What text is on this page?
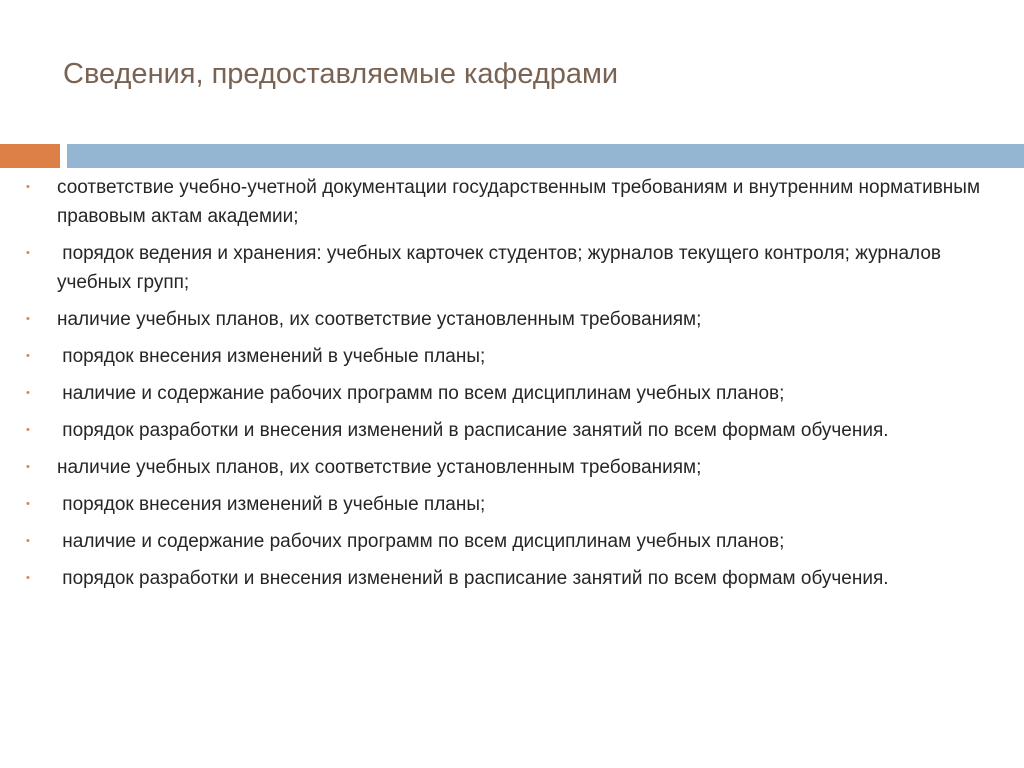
Сведения, предоставляемые кафедрами
•	соответствие учебно-учетной документации государственным требованиям и внутренним нормативным правовым актам академии;
•	порядок ведения и хранения: учебных карточек студентов; журналов текущего контроля; журналов учебных групп;
•	наличие учебных планов, их соответствие установленным требованиям;
•	порядок внесения изменений в учебные планы;
•	наличие и содержание рабочих программ по всем дисциплинам учебных планов;
•	порядок разработки и внесения изменений в расписание занятий по всем формам обучения.
•	наличие учебных планов, их соответствие установленным требованиям;
•	порядок внесения изменений в учебные планы;
•	наличие и содержание рабочих программ по всем дисциплинам учебных планов;
•	порядок разработки и внесения изменений в расписание занятий по всем формам обучения.
